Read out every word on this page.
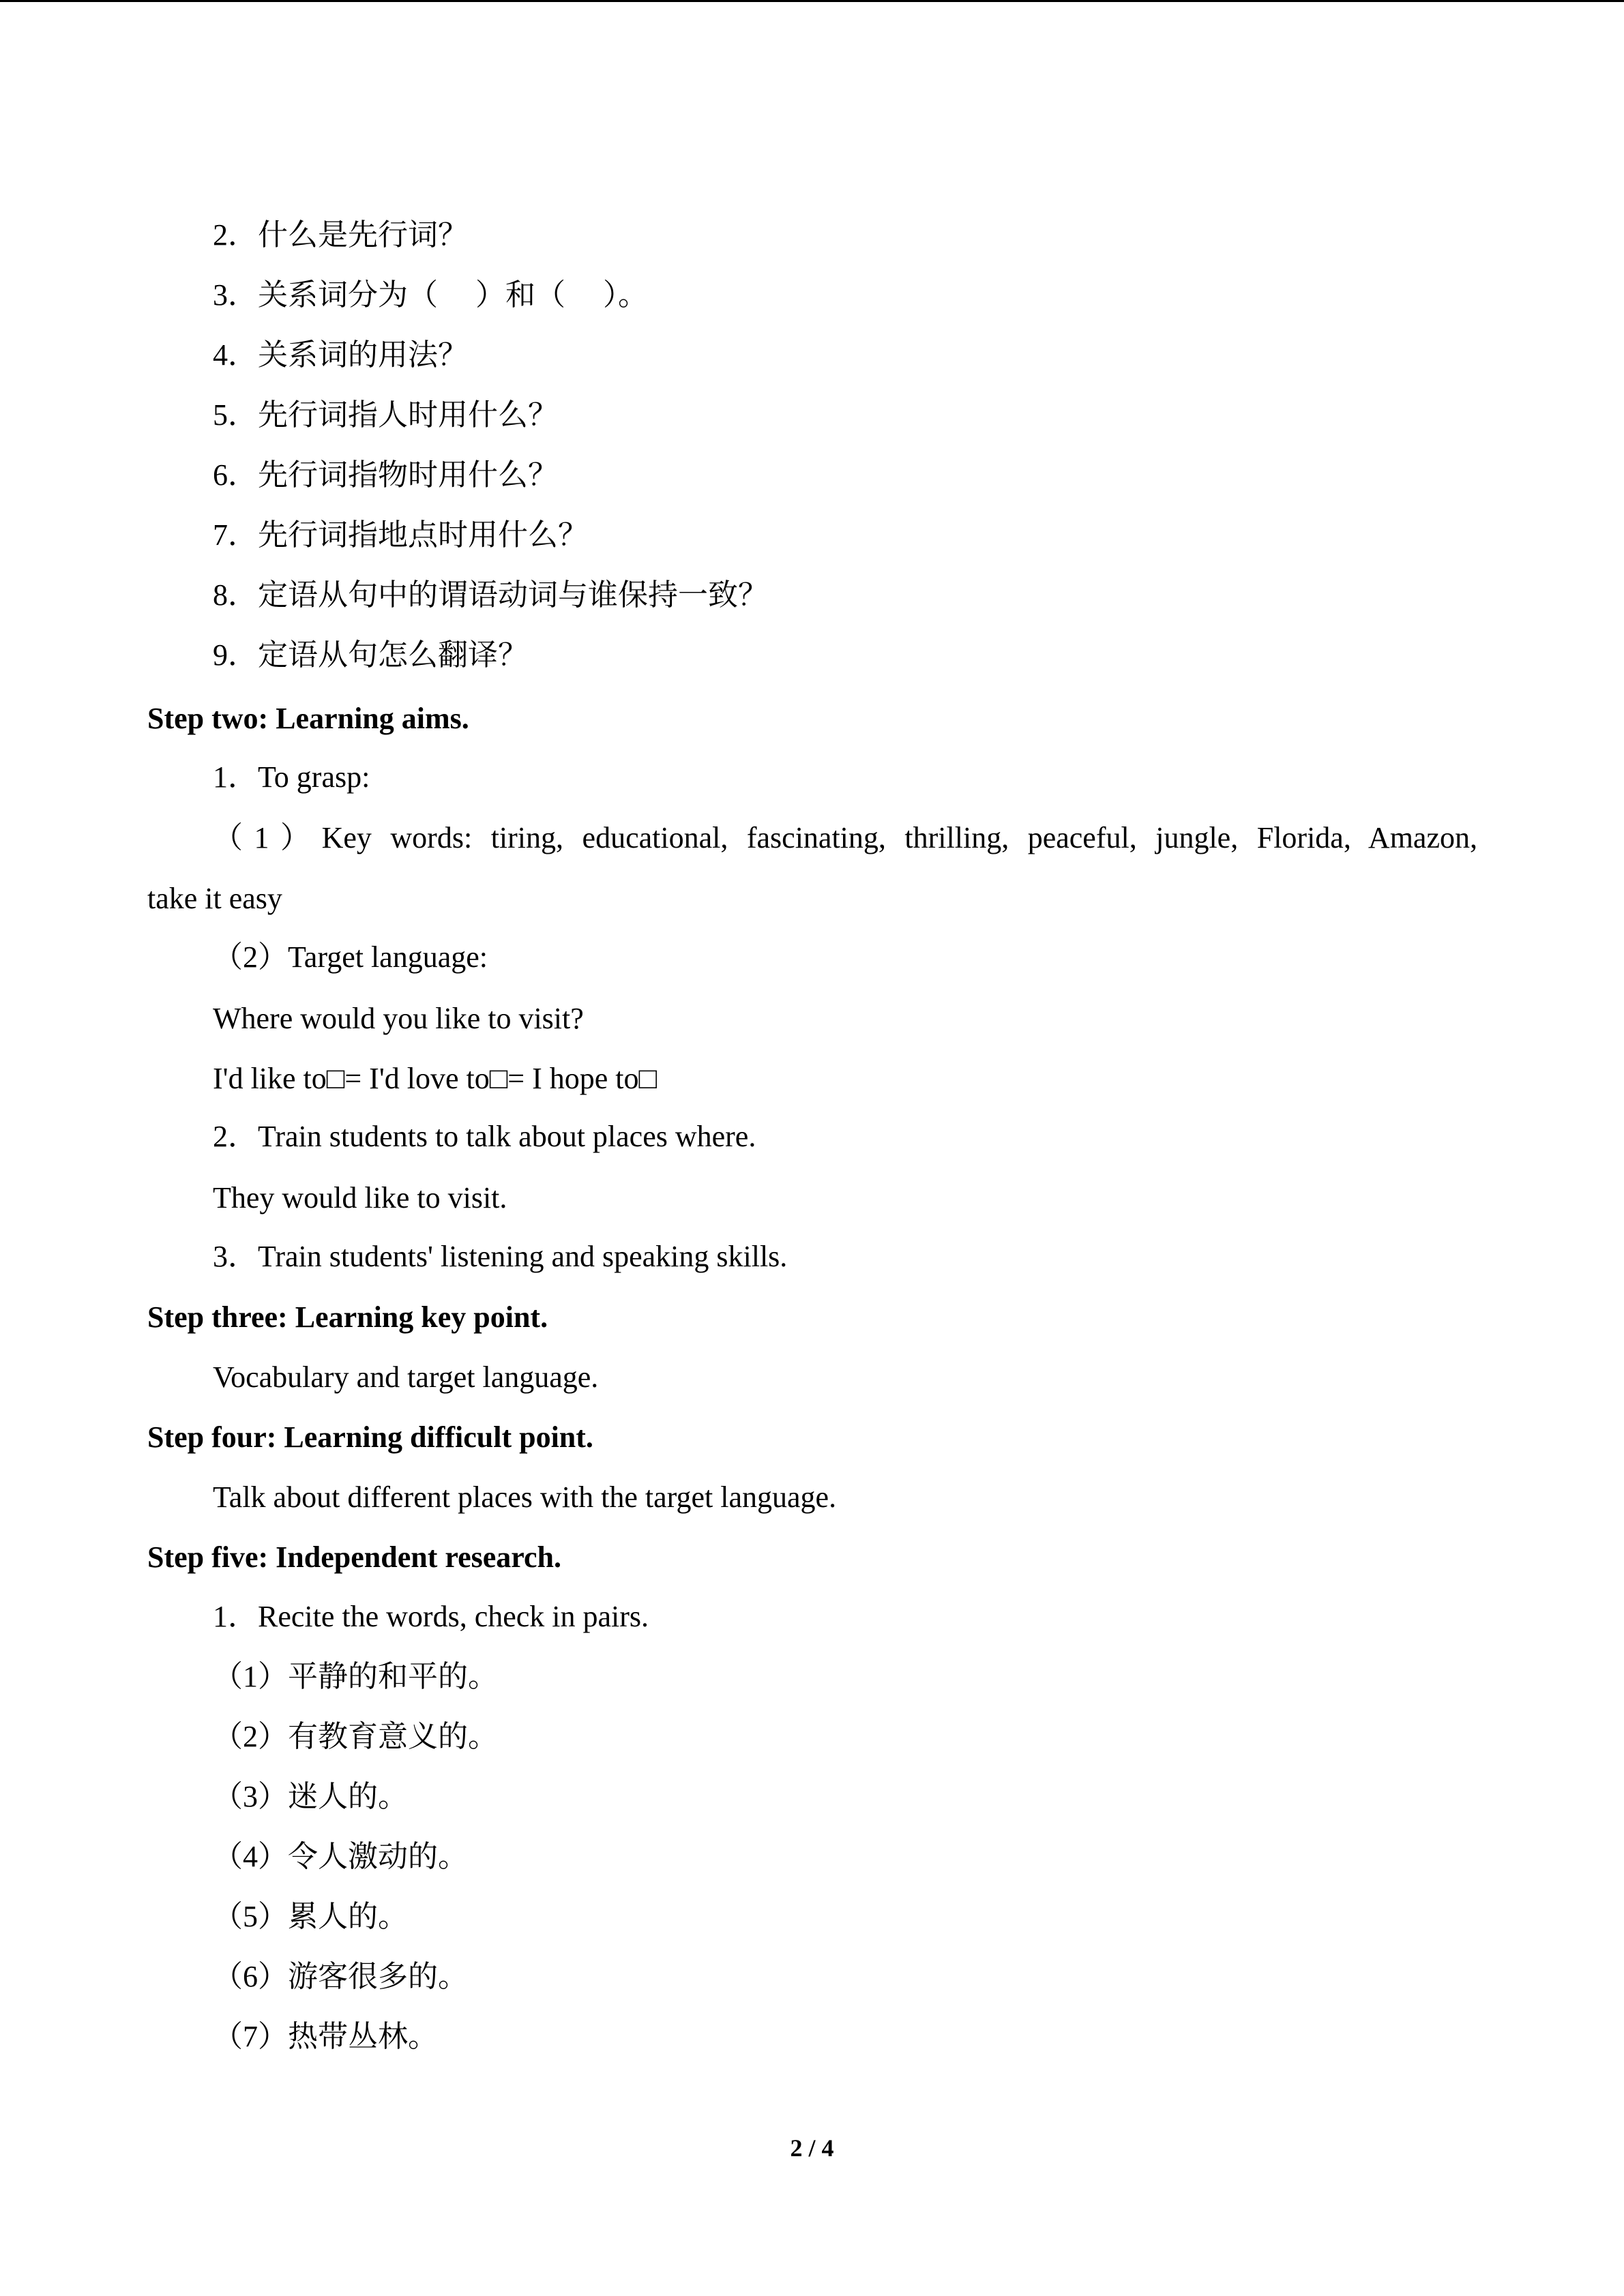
2．什么是先行词？
3．关系词分为（　 ）和（　 ）。
4．关系词的用法？
5．先行词指人时用什么？
6．先行词指物时用什么？
7．先行词指地点时用什么？
8．定语从句中的谓语动词与谁保持一致？
9．定语从句怎么翻译？
Step two: Learning aims.
1．To grasp:
（1）Key words: tiring, educational, fascinating, thrilling, peaceful, jungle, Florida, Amazon,
take it easy
（2）Target language:
Where would you like to visit?
I'd like to□= I'd love to□= I hope to□
2．Train students to talk about places where.
They would like to visit.
3．Train students' listening and speaking skills.
Step three: Learning key point.
Vocabulary and target language.
Step four: Learning difficult point.
Talk about different places with the target language.
Step five: Independent research.
1．Recite the words, check in pairs.
（1）平静的和平的。
（2）有教育意义的。
（3）迷人的。
（4）令人激动的。
（5）累人的。
（6）游客很多的。
（7）热带丛林。
2 / 4
